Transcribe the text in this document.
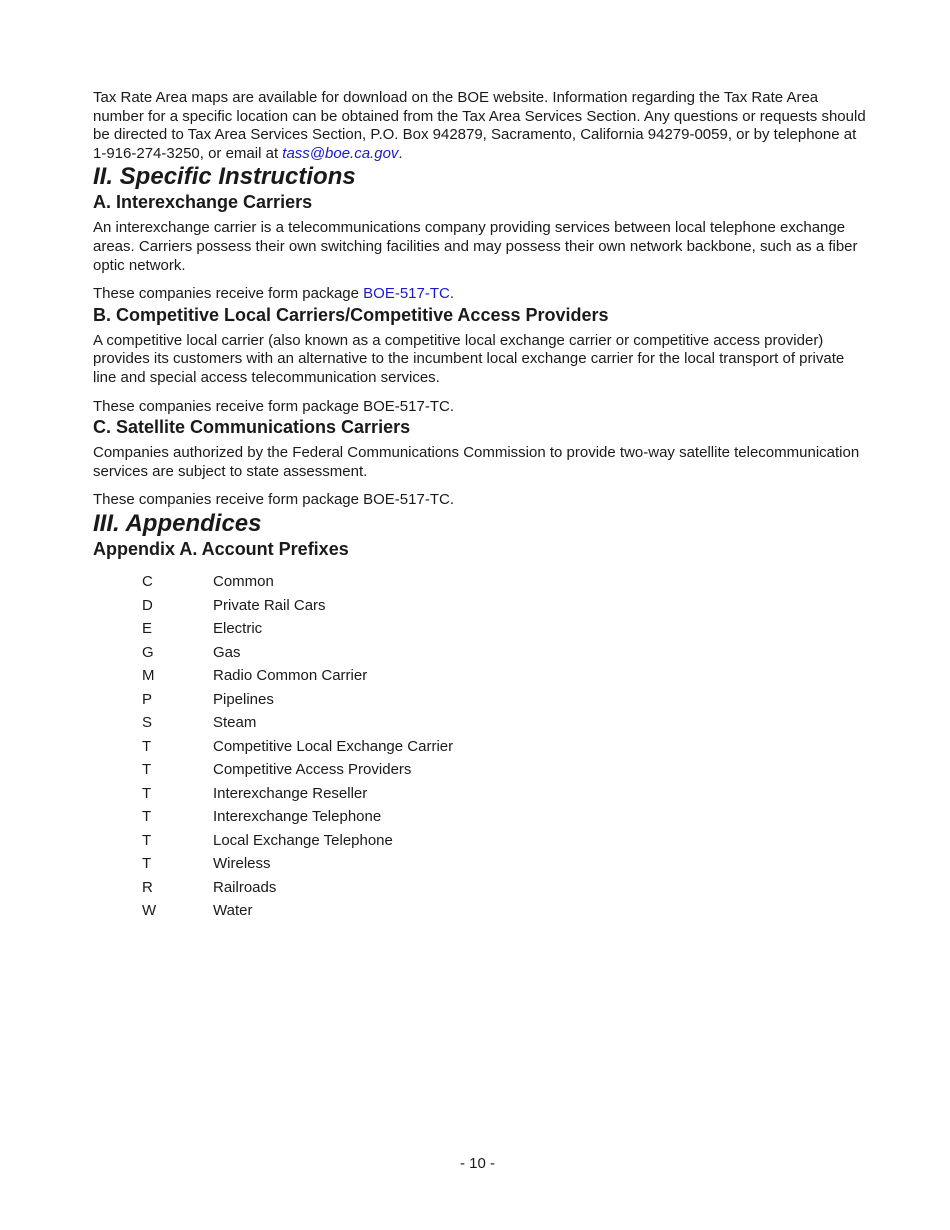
Tax Rate Area maps are available for download on the BOE website. Information regarding the Tax Rate Area number for a specific location can be obtained from the Tax Area Services Section. Any questions or requests should be directed to Tax Area Services Section, P.O. Box 942879, Sacramento, California 94279-0059, or by telephone at 1-916-274-3250, or email at tass@boe.ca.gov.

II. Specific Instructions
A. Interexchange Carriers

An interexchange carrier is a telecommunications company providing services between local telephone exchange areas. Carriers possess their own switching facilities and may possess their own network backbone, such as a fiber optic network.

These companies receive form package BOE-517-TC.

B. Competitive Local Carriers/Competitive Access Providers

A competitive local carrier (also known as a competitive local exchange carrier or competitive access provider) provides its customers with an alternative to the incumbent local exchange carrier for the local transport of private line and special access telecommunication services.

These companies receive form package BOE-517-TC.

C. Satellite Communications Carriers

Companies authorized by the Federal Communications Commission to provide two-way satellite telecommunication services are subject to state assessment.

These companies receive form package BOE-517-TC.

III. Appendices
Appendix A. Account Prefixes
C	Common
D	Private Rail Cars
E	Electric
G	Gas
M	Radio Common Carrier
P	Pipelines
S	Steam
T	Competitive Local Exchange Carrier
T	Competitive Access Providers
T	Interexchange Reseller
T	Interexchange Telephone
T	Local Exchange Telephone
T	Wireless
R	Railroads
W	Water
- 10 -
